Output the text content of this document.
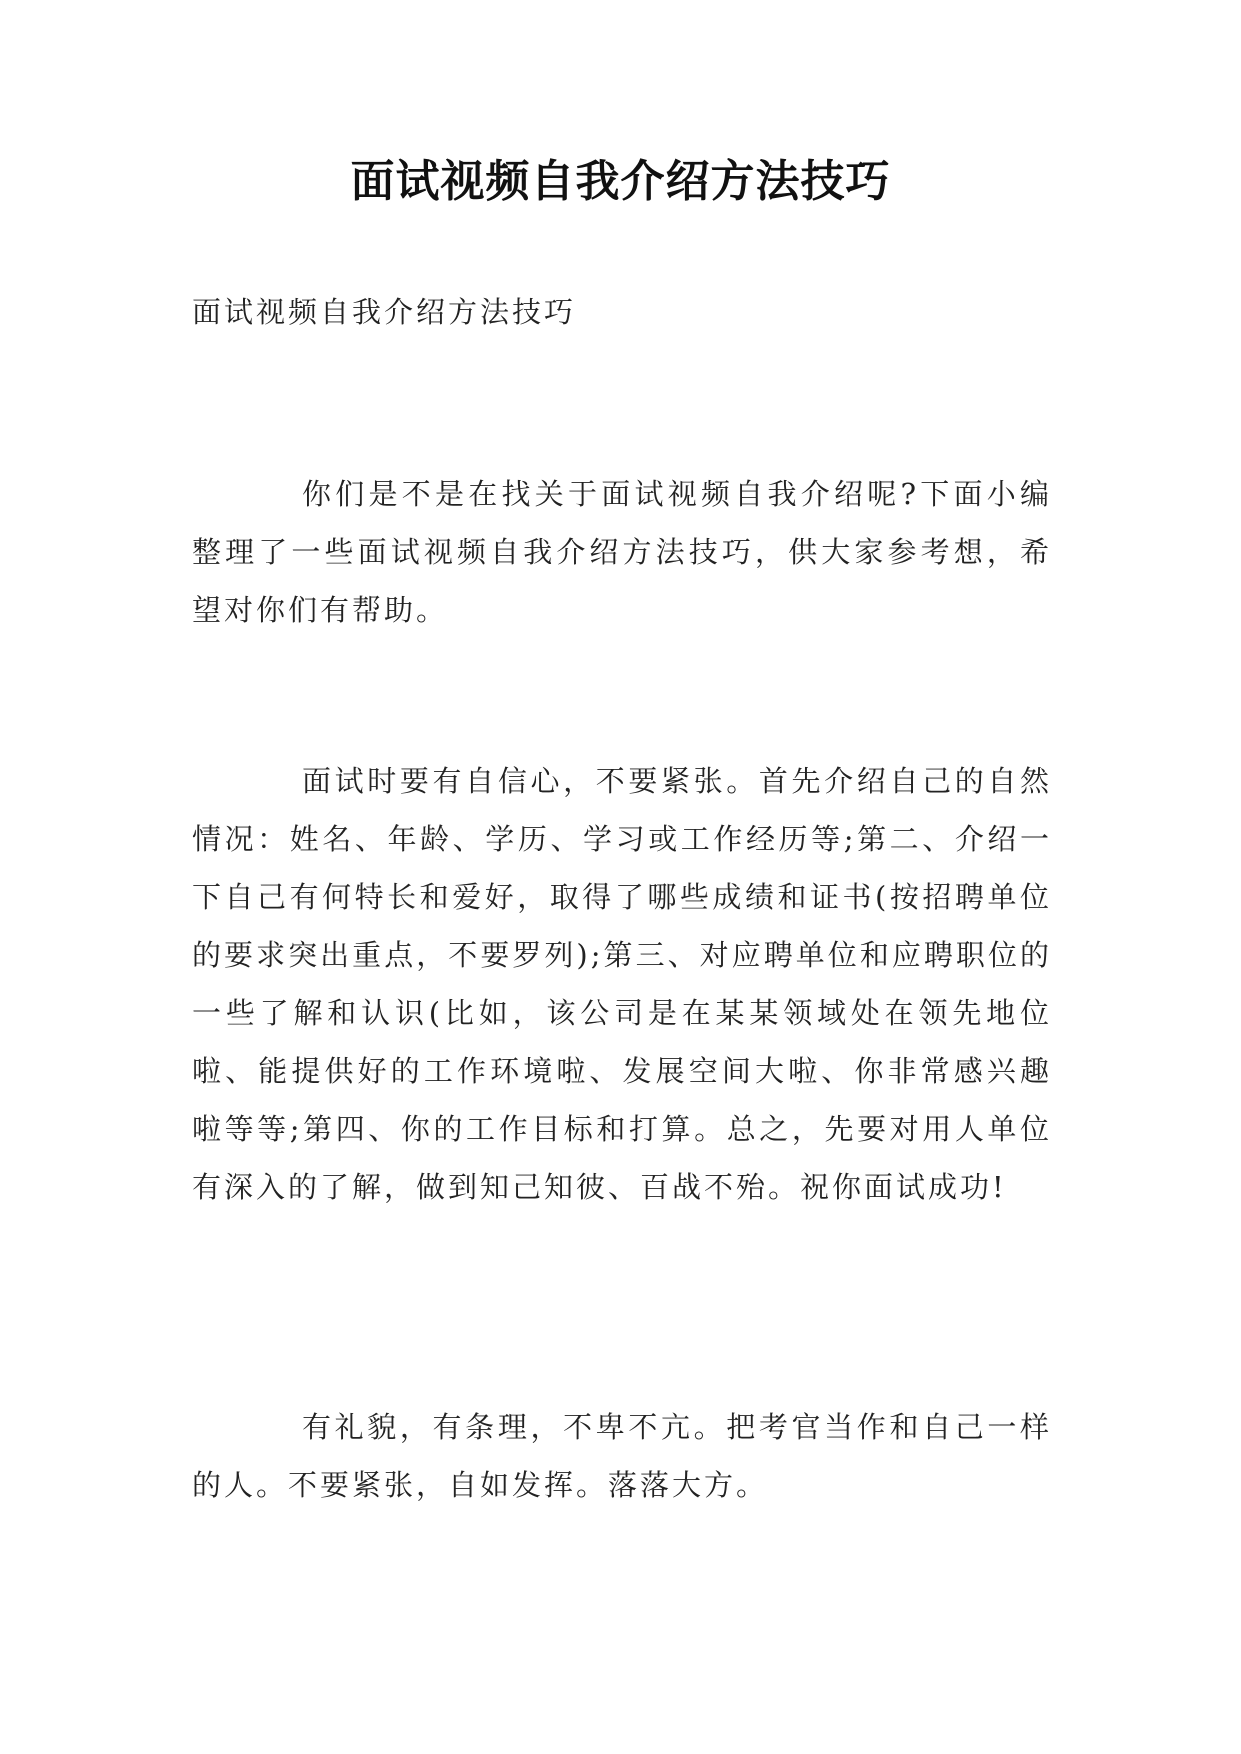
面试视频自我介绍方法技巧
面试视频自我介绍方法技巧

你们是不是在找关于面试视频自我介绍呢?下面小编整理了一些面试视频自我介绍方法技巧，供大家参考想，希望对你们有帮助。

面试时要有自信心，不要紧张。首先介绍自己的自然情况：姓名、年龄、学历、学习或工作经历等;第二、介绍一下自己有何特长和爱好，取得了哪些成绩和证书(按招聘单位的要求突出重点，不要罗列);第三、对应聘单位和应聘职位的一些了解和认识(比如，该公司是在某某领域处在领先地位啦、能提供好的工作环境啦、发展空间大啦、你非常感兴趣啦等等;第四、你的工作目标和打算。总之，先要对用人单位有深入的了解，做到知己知彼、百战不殆。祝你面试成功!

有礼貌，有条理，不卑不亢。把考官当作和自己一样的人。不要紧张，自如发挥。落落大方。
